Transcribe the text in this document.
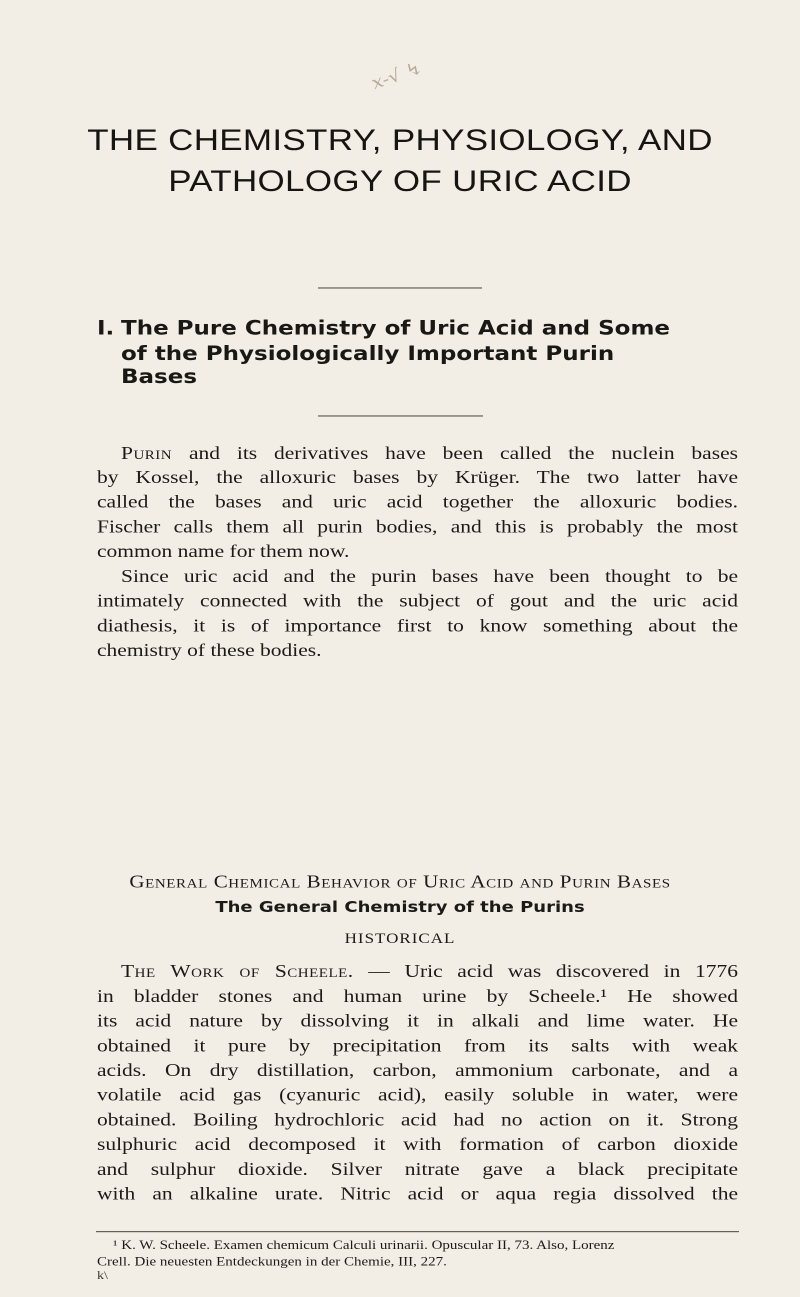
x-√ ↯
THE CHEMISTRY, PHYSIOLOGY, AND
PATHOLOGY OF URIC ACID
I. The Pure Chemistry of Uric Acid and Some
of the Physiologically Important Purin
Bases
Purin and its derivatives have been called the nuclein bases
by Kossel, the alloxuric bases by Krüger. The two latter have
called the bases and uric acid together the alloxuric bodies.
Fischer calls them all purin bodies, and this is probably the most
common name for them now.
Since uric acid and the purin bases have been thought to be
intimately connected with the subject of gout and the uric acid
diathesis, it is of importance first to know something about the
chemistry of these bodies.
General Chemical Behavior of Uric Acid and Purin Bases
The General Chemistry of the Purins
HISTORICAL
The Work of Scheele. — Uric acid was discovered in 1776
in bladder stones and human urine by Scheele.¹ He showed
its acid nature by dissolving it in alkali and lime water. He
obtained it pure by precipitation from its salts with weak
acids. On dry distillation, carbon, ammonium carbonate, and a
volatile acid gas (cyanuric acid), easily soluble in water, were
obtained. Boiling hydrochloric acid had no action on it. Strong
sulphuric acid decomposed it with formation of carbon dioxide
and sulphur dioxide. Silver nitrate gave a black precipitate
with an alkaline urate. Nitric acid or aqua regia dissolved the
¹ K. W. Scheele. Examen chemicum Calculi urinarii. Opuscular II, 73. Also, Lorenz
Crell. Die neuesten Entdeckungen in der Chemie, III, 227.
k\
